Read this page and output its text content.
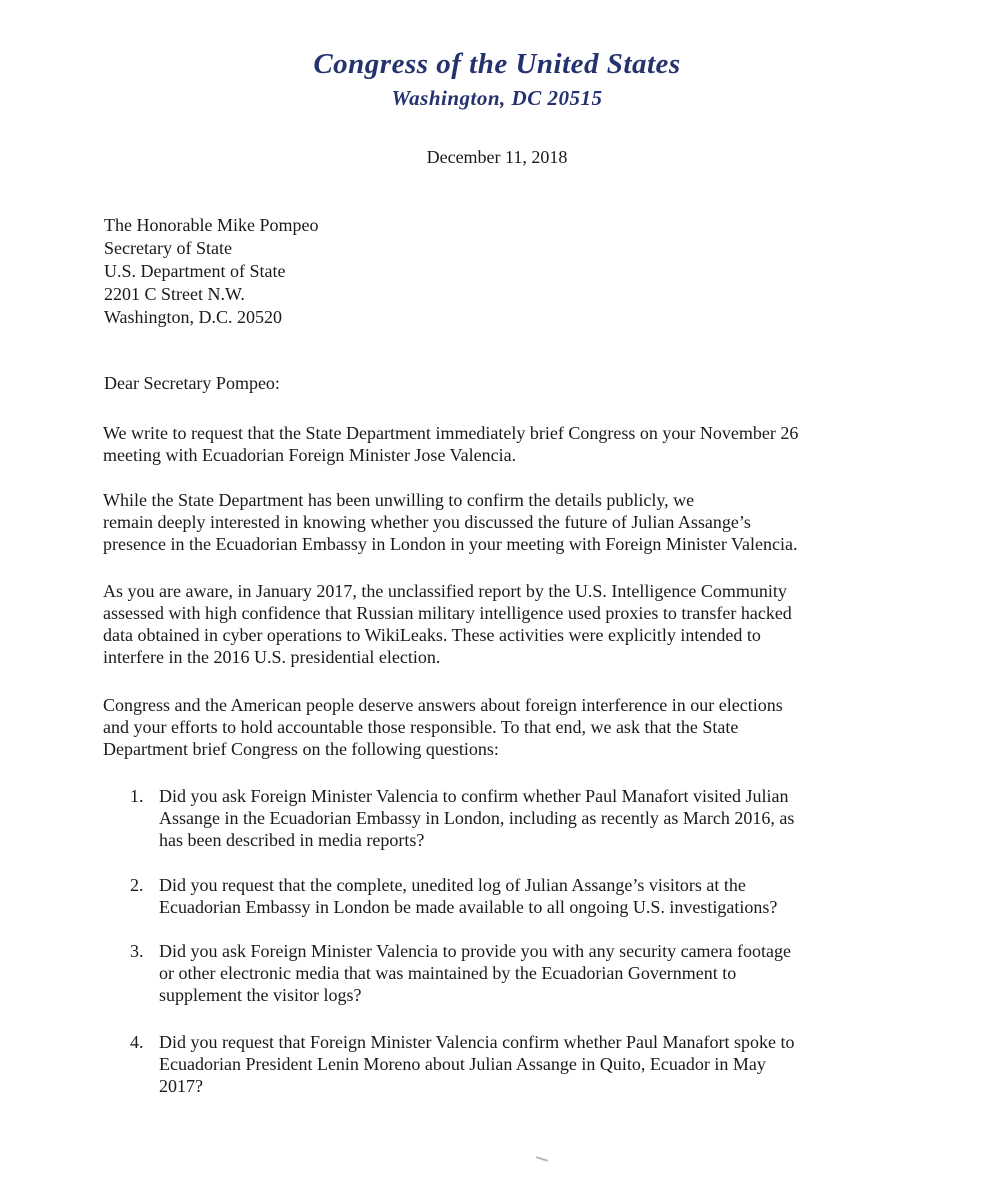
Congress of the United States
Washington, DC 20515
December 11, 2018
The Honorable Mike Pompeo
Secretary of State
U.S. Department of State
2201 C Street N.W.
Washington, D.C. 20520
Dear Secretary Pompeo:
We write to request that the State Department immediately brief Congress on your November 26
meeting with Ecuadorian Foreign Minister Jose Valencia.
While the State Department has been unwilling to confirm the details publicly, we
remain deeply interested in knowing whether you discussed the future of Julian Assange’s
presence in the Ecuadorian Embassy in London in your meeting with Foreign Minister Valencia.
As you are aware, in January 2017, the unclassified report by the U.S. Intelligence Community
assessed with high confidence that Russian military intelligence used proxies to transfer hacked
data obtained in cyber operations to WikiLeaks. These activities were explicitly intended to
interfere in the 2016 U.S. presidential election.
Congress and the American people deserve answers about foreign interference in our elections
and your efforts to hold accountable those responsible. To that end, we ask that the State
Department brief Congress on the following questions:
1. Did you ask Foreign Minister Valencia to confirm whether Paul Manafort visited Julian
Assange in the Ecuadorian Embassy in London, including as recently as March 2016, as
has been described in media reports?
2. Did you request that the complete, unedited log of Julian Assange’s visitors at the
Ecuadorian Embassy in London be made available to all ongoing U.S. investigations?
3. Did you ask Foreign Minister Valencia to provide you with any security camera footage
or other electronic media that was maintained by the Ecuadorian Government to
supplement the visitor logs?
4. Did you request that Foreign Minister Valencia confirm whether Paul Manafort spoke to
Ecuadorian President Lenin Moreno about Julian Assange in Quito, Ecuador in May
2017?
